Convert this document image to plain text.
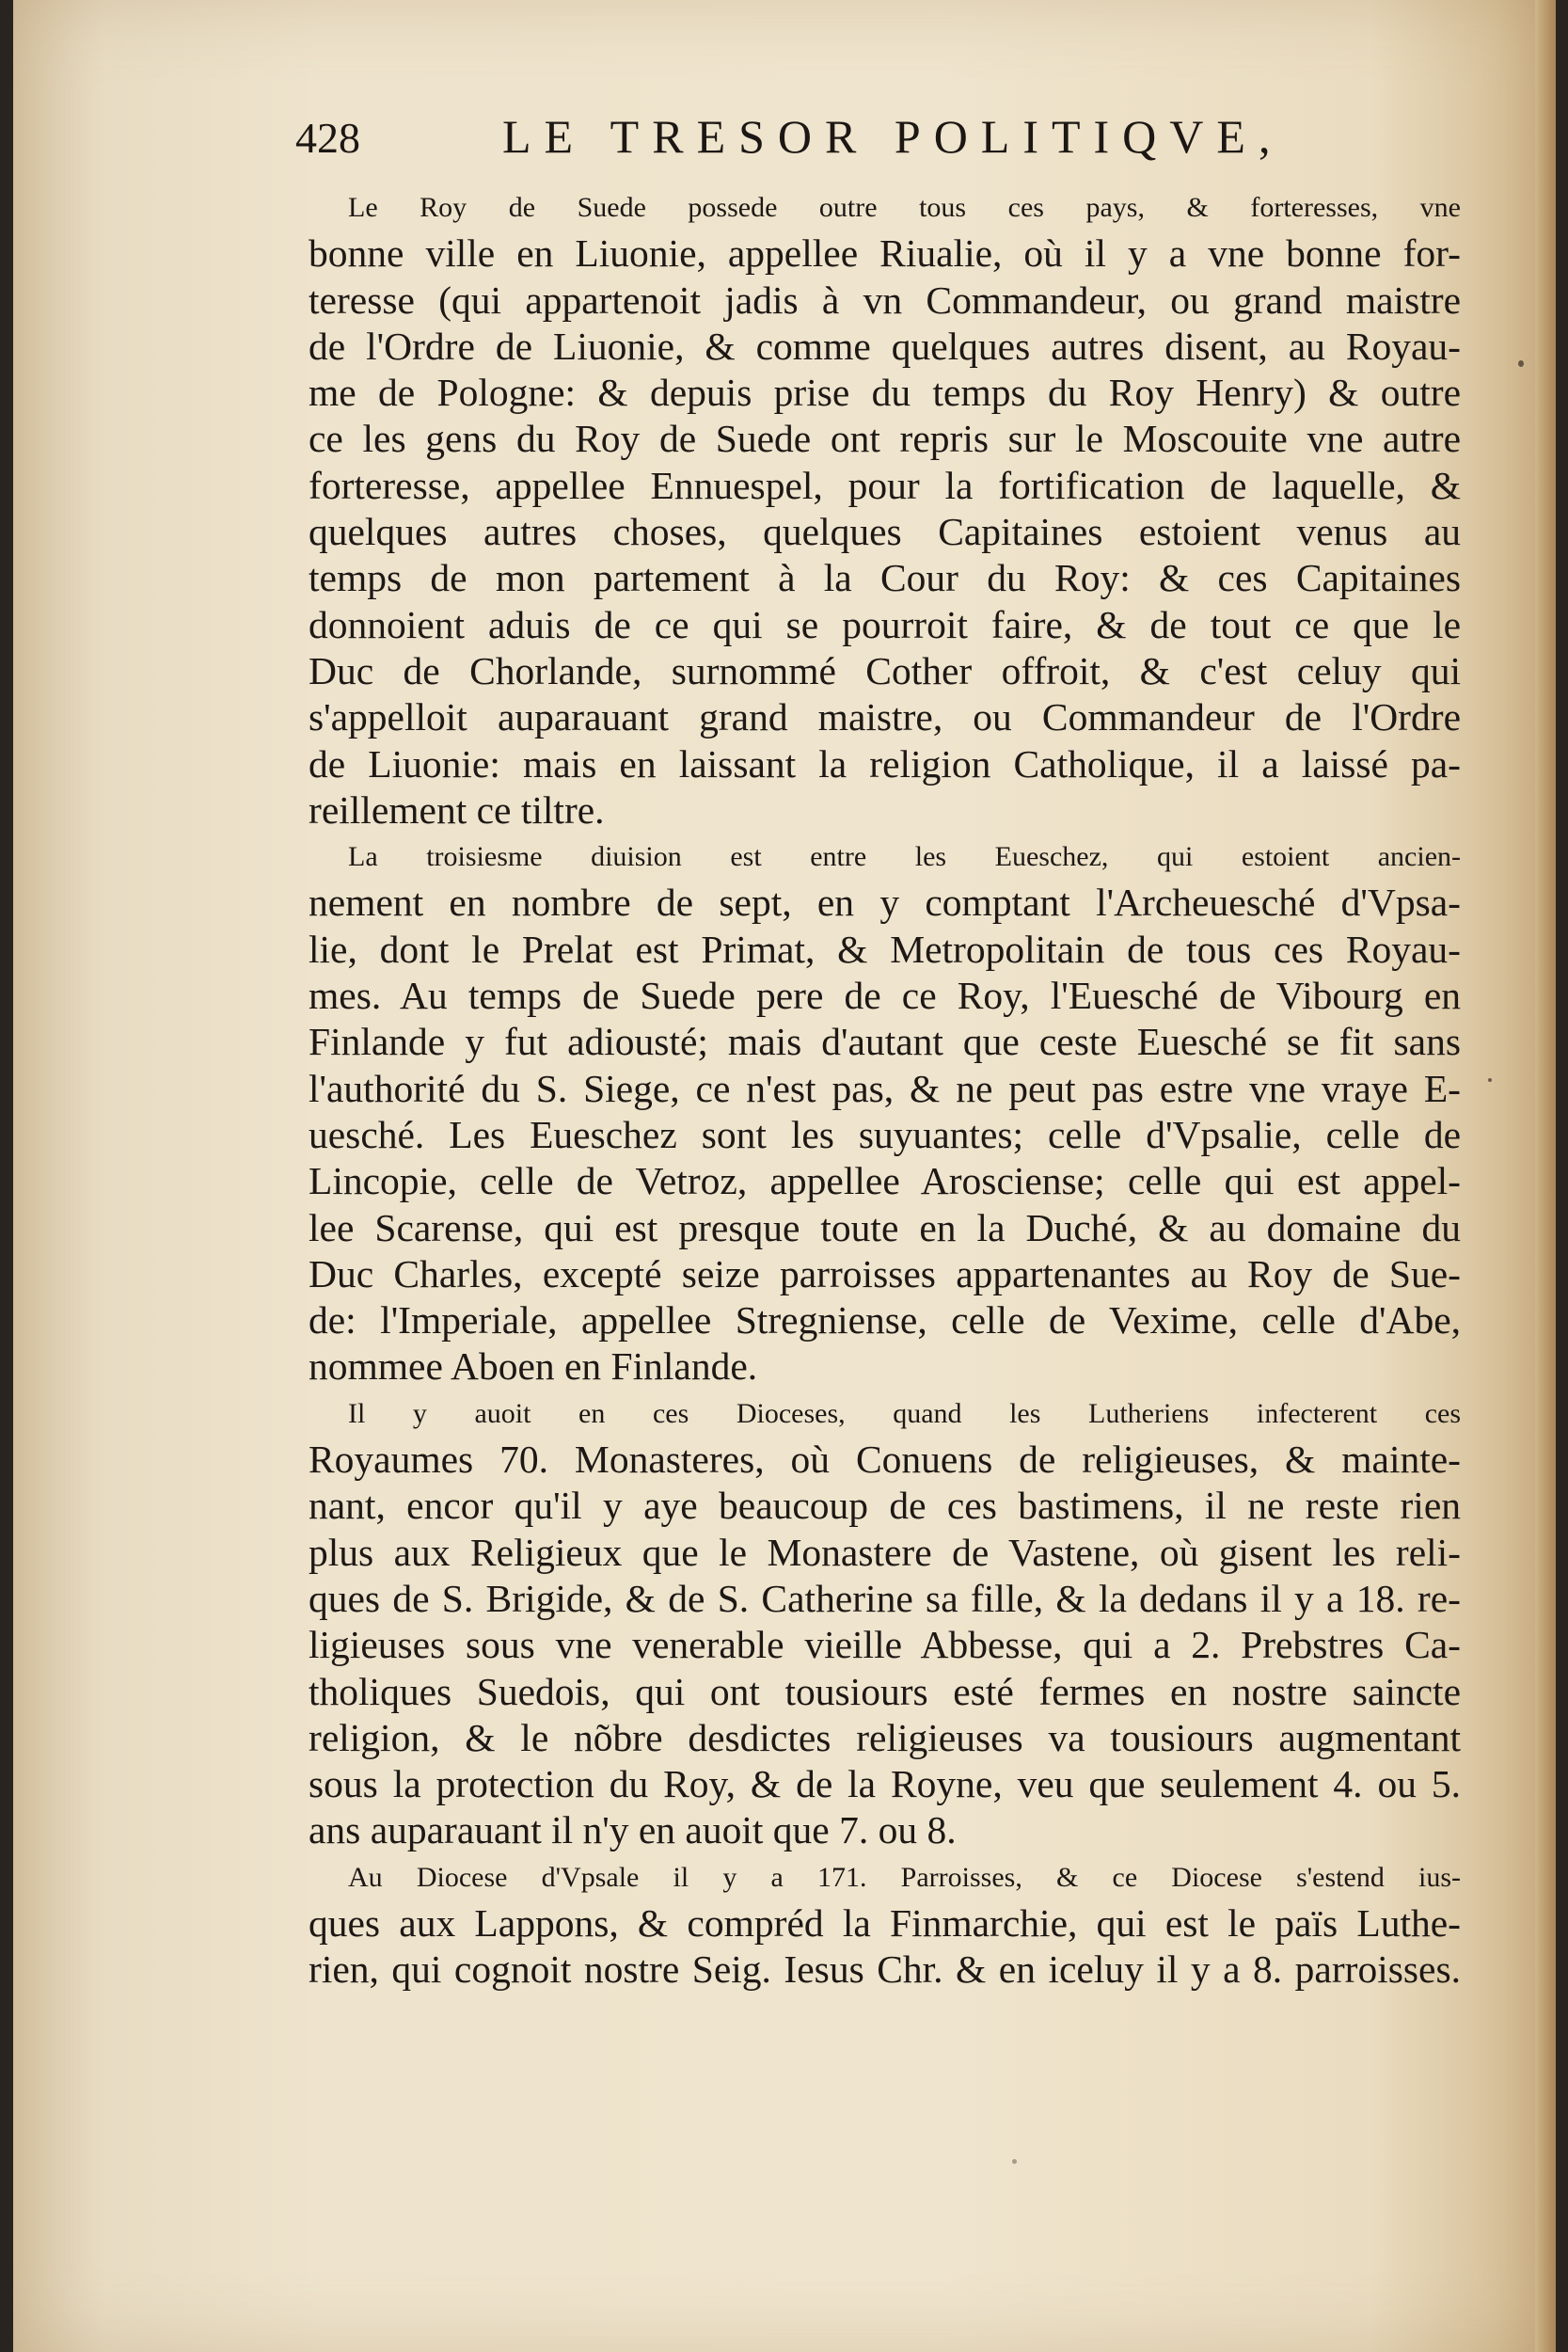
428	LE TRESOR POLITIQVE,
Le Roy de Suede possede outre tous ces pays, & forteresses, vne
bonne ville en Liuonie, appellee Riualie, où il y a vne bonne for-
teresse (qui appartenoit jadis à vn Commandeur, ou grand maistre
de l'Ordre de Liuonie, & comme quelques autres disent, au Royau-
me de Pologne: & depuis prise du temps du Roy Henry) & outre
ce les gens du Roy de Suede ont repris sur le Moscouite vne autre
forteresse, appellee Ennuespel, pour la fortification de laquelle, &
quelques autres choses, quelques Capitaines estoient venus au
temps de mon partement à la Cour du Roy: & ces Capitaines
donnoient aduis de ce qui se pourroit faire, & de tout ce que le
Duc de Chorlande, surnommé Cother offroit, & c'est celuy qui
s'appelloit auparauant grand maistre, ou Commandeur de l'Ordre
de Liuonie: mais en laissant la religion Catholique, il a laissé pa-
reillement ce tiltre.
La troisiesme diuision est entre les Eueschez, qui estoient ancien-
nement en nombre de sept, en y comptant l'Archeuesché d'Vpsa-
lie, dont le Prelat est Primat, & Metropolitain de tous ces Royau-
mes. Au temps de Suede pere de ce Roy, l'Euesché de Vibourg en
Finlande y fut adiousté; mais d'autant que ceste Euesché se fit sans
l'authorité du S. Siege, ce n'est pas, & ne peut pas estre vne vraye E-
uesché. Les Eueschez sont les suyuantes; celle d'Vpsalie, celle de
Lincopie, celle de Vetroz, appellee Arosciense; celle qui est appel-
lee Scarense, qui est presque toute en la Duché, & au domaine du
Duc Charles, excepté seize parroisses appartenantes au Roy de Sue-
de: l'Imperiale, appellee Stregniense, celle de Vexime, celle d'Abe,
nommee Aboen en Finlande.
Il y auoit en ces Dioceses, quand les Lutheriens infecterent ces
Royaumes 70. Monasteres, où Conuens de religieuses, & mainte-
nant, encor qu'il y aye beaucoup de ces bastimens, il ne reste rien
plus aux Religieux que le Monastere de Vastene, où gisent les reli-
ques de S. Brigide, & de S. Catherine sa fille, & la dedans il y a 18. re-
ligieuses sous vne venerable vieille Abbesse, qui a 2. Prebstres Ca-
tholiques Suedois, qui ont tousiours esté fermes en nostre saincte
religion, & le nõbre desdictes religieuses va tousiours augmentant
sous la protection du Roy, & de la Royne, veu que seulement 4. ou 5.
ans auparauant il n'y en auoit que 7. ou 8.
Au Diocese d'Vpsale il y a 171. Parroisses, & ce Diocese s'estend ius-
ques aux Lappons, & compréd la Finmarchie, qui est le païs Luthe-
rien, qui cognoit nostre Seig. Iesus Chr. & en iceluy il y a 8. parroisses.
